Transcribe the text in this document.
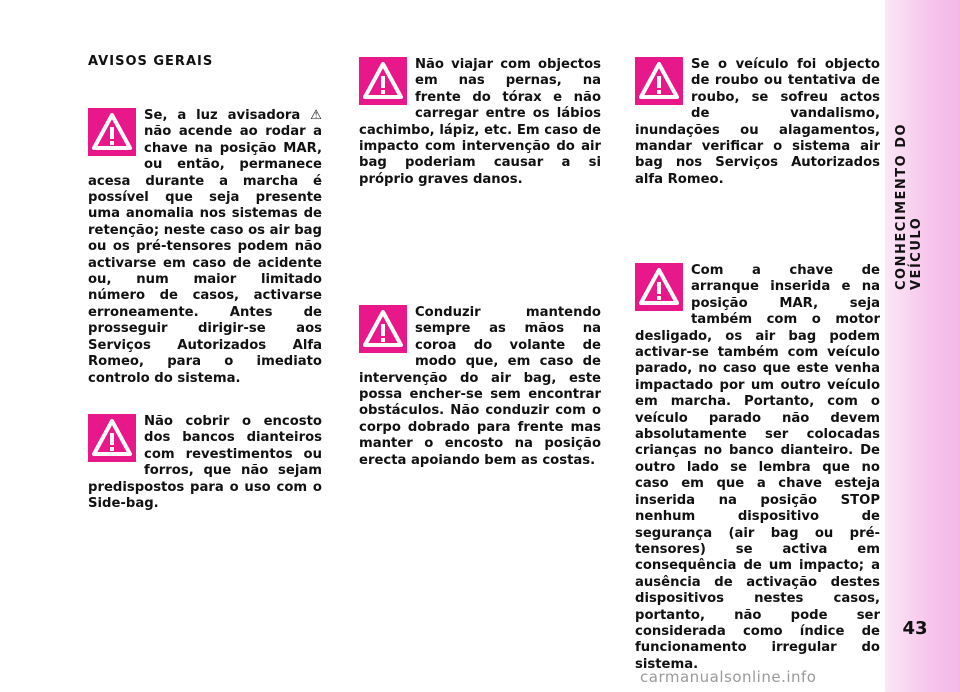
CONHECIMENTO DO VEÍCULO
43
AVISOS GERAIS

Se, a luz avisadora ⚠ não acende ao rodar a chave na posição MAR, ou então, permanece acesa durante a marcha é possível que seja presente uma anomalia nos sistemas de retenção; neste caso os air bag ou os pré-tensores podem não activarse em caso de acidente ou, num maior limitado número de casos, activarse erroneamente. Antes de prosseguir dirigir-se aos Serviços Autorizados Alfa Romeo, para o imediato controlo do sistema.

Não cobrir o encosto dos bancos dianteiros com revestimentos ou forros, que não sejam predispostos para o uso com o Side-bag.

Não viajar com objectos em nas pernas, na frente do tórax e não carregar entre os lábios cachimbo, lápiz, etc. Em caso de impacto com intervenção do air bag poderiam causar a si próprio graves danos.

Conduzir mantendo sempre as mãos na coroa do volante de modo que, em caso de intervenção do air bag, este possa encher-se sem encontrar obstáculos. Não conduzir com o corpo dobrado para frente mas manter o encosto na posição erecta apoiando bem as costas.

Se o veículo foi objecto de roubo ou tentativa de roubo, se sofreu actos de vandalismo, inundações ou alagamentos, mandar verificar o sistema air bag nos Serviços Autorizados alfa Romeo.

Com a chave de arranque inserida e na posição MAR, seja também com o motor desligado, os air bag podem activar-se também com veículo parado, no caso que este venha impactado por um outro veículo em marcha. Portanto, com o veículo parado não devem absolutamente ser colocadas crianças no banco dianteiro. De outro lado se lembra que no caso em que a chave esteja inserida na posição STOP nenhum dispositivo de segurança (air bag ou pré-tensores) se activa em consequência de um impacto; a ausência de activação destes dispositivos nestes casos, portanto, não pode ser considerada como índice de funcionamento irregular do sistema.

carmanualsonline.info
